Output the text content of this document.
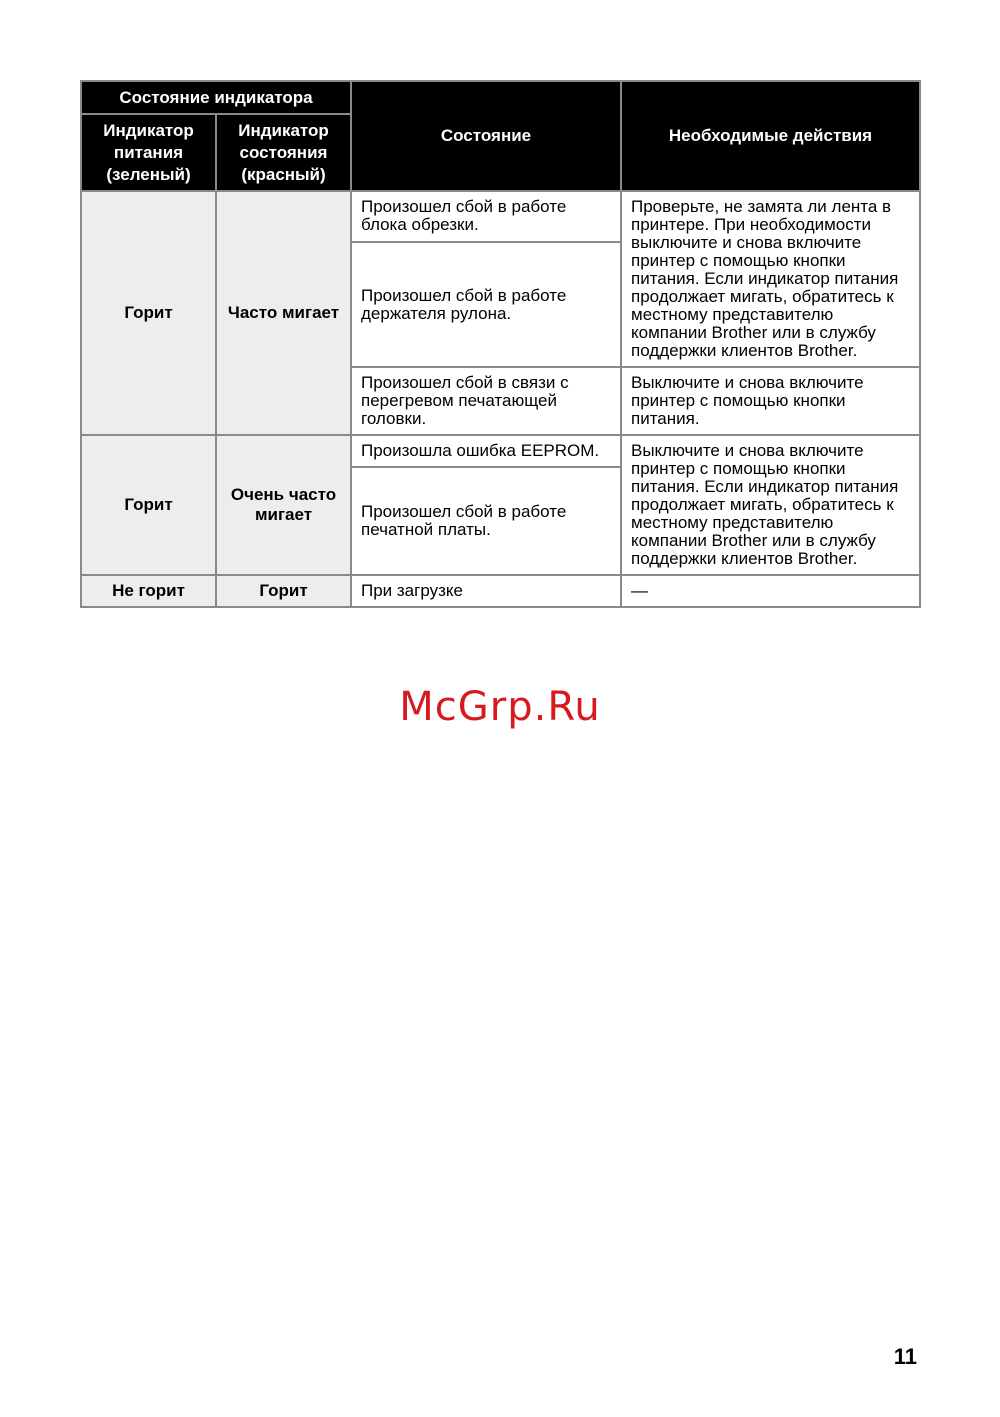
Состояние индикатора		Состояние	Необходимые действия
Индикатор питания (зеленый)	Индикатор состояния (красный)		
Горит	Часто мигает	Произошел сбой в работе блока обрезки.	Проверьте, не замята ли лента в принтере. При необходимости выключите и снова включите принтер с помощью кнопки питания. Если индикатор питания продолжает мигать, обратитесь к местному представителю компании Brother или в службу поддержки клиентов Brother.
		Произошел сбой в работе держателя рулона.	
		Произошел сбой в связи с перегревом печатающей головки.	Выключите и снова включите принтер с помощью кнопки питания.
Горит	Очень часто мигает	Произошла ошибка EEPROM.	Выключите и снова включите принтер с помощью кнопки питания. Если индикатор питания продолжает мигать, обратитесь к местному представителю компании Brother или в службу поддержки клиентов Brother.
		Произошел сбой в работе печатной платы.	
Не горит	Горит	При загрузке	—
McGrp.Ru
11
